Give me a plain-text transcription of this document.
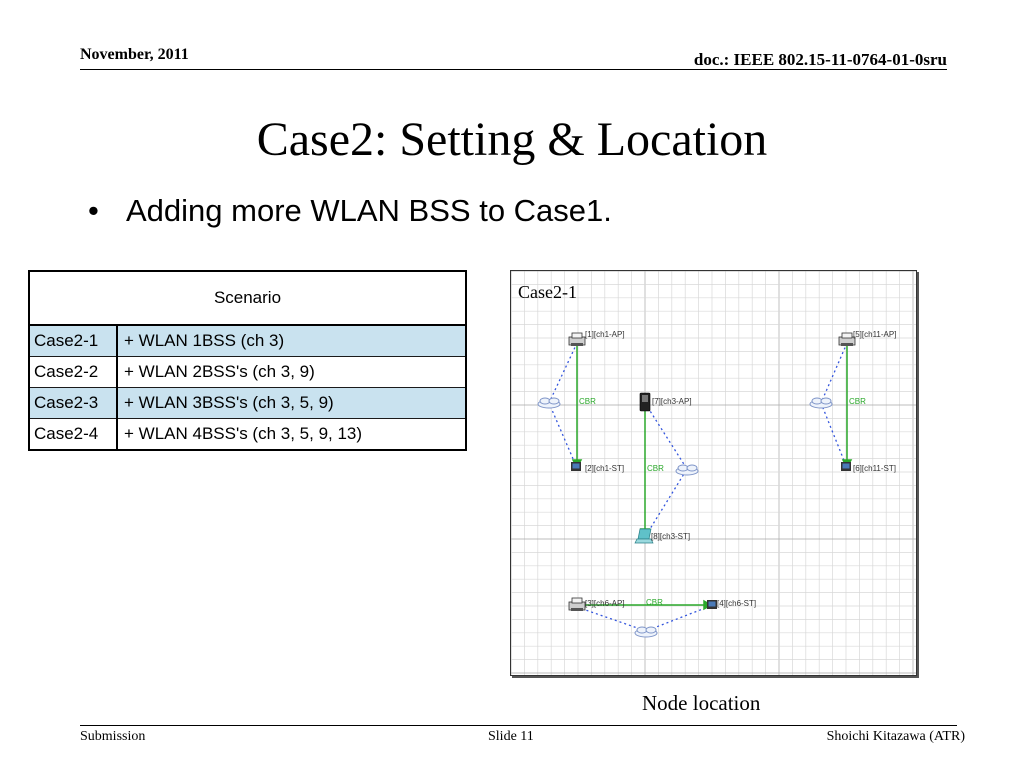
November, 2011	doc.: IEEE 802.15-11-0764-01-0sru
Case2: Setting & Location
• Adding more WLAN BSS to Case1.
Scenario	
Case2-1	+ WLAN 1BSS (ch 3)
Case2-2	+ WLAN 2BSS's (ch 3, 9)
Case2-3	+ WLAN 3BSS's (ch 3, 5, 9)
Case2-4	+ WLAN 4BSS's (ch 3, 5, 9, 13)
[1][ch1-AP]
[2][ch1-ST]
[3][ch6-AP]	[4][ch6-ST]
[5][ch11-AP]
[6][ch11-ST]
[7][ch3-AP]
[8][ch3-ST]
CBR	CBR
CBR
CBR
Case2-1
Node location
Submission	Slide 11	Shoichi Kitazawa (ATR)
